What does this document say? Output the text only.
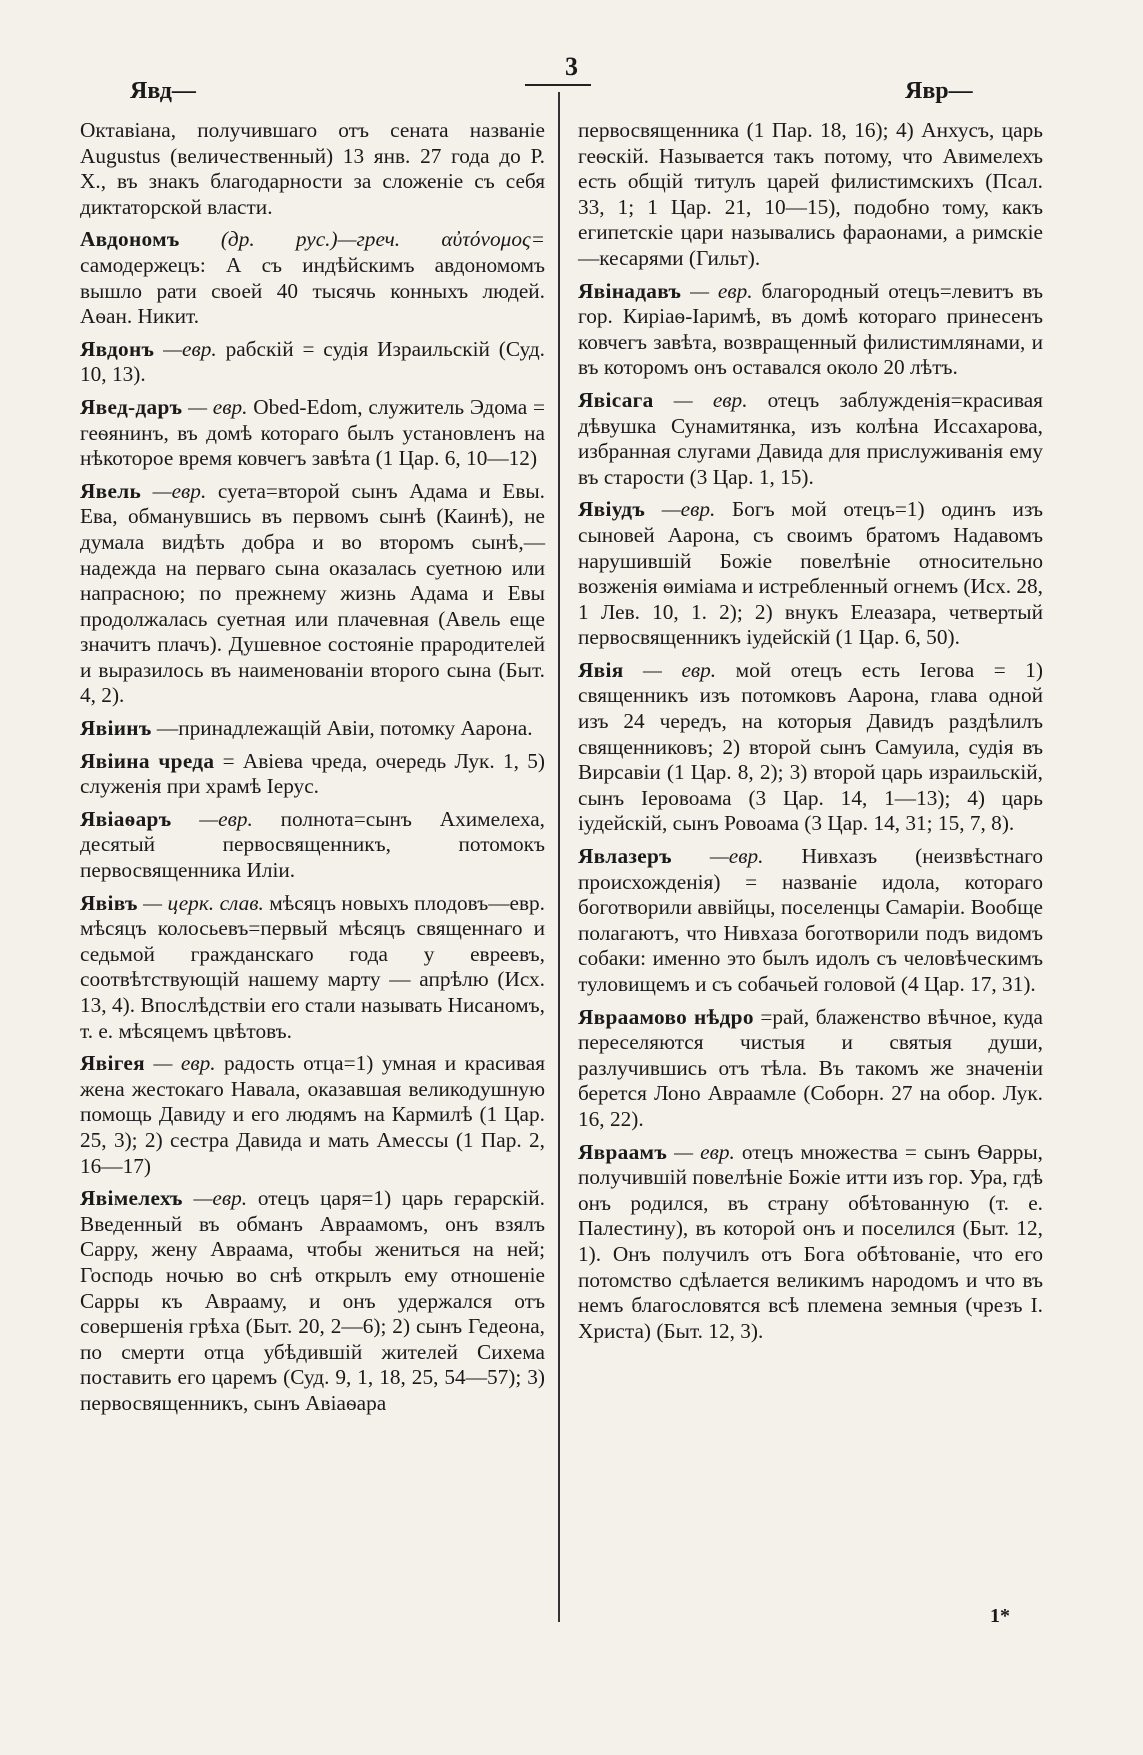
3
Явд—	Явр—

Октавіана, получившаго отъ сената названіе Augustus (величественный) 13 янв. 27 года до Р. Х., въ знакъ благодарности за сложеніе съ себя диктаторской власти.

Авдономъ (др. рус.)—греч. αὐτόνομος= самодержецъ: А съ индѣйскимъ авдономомъ вышло рати своей 40 тысячь конныхъ людей. Аѳан. Никит.

Явдонъ —евр. рабскій = судія Израильскій (Суд. 10, 13).

Явед-даръ — евр. Obed-Edom, служитель Эдома = геѳянинъ, въ домѣ котораго былъ установленъ на нѣкоторое время ковчегъ завѣта (1 Цар. 6, 10—12)

Явель —евр. суета=второй сынъ Адама и Евы. Ева, обманувшись въ первомъ сынѣ (Каинѣ), не думала видѣть добра и во второмъ сынѣ,—надежда на перваго сына оказалась суетною или напрасною; по прежнему жизнь Адама и Евы продолжалась суетная или плачевная (Авель еще значитъ плачъ). Душевное состояніе прародителей и выразилось въ наименованіи второго сына (Быт. 4, 2).

Явіинъ —принадлежащій Авіи, потомку Аарона.

Явіина чреда = Авіева чреда, очередь Лук. 1, 5) служенія при храмѣ Іерус.

Явіаѳаръ —евр. полнота=сынъ Ахимелеха, десятый первосвященникъ, потомокъ первосвященника Иліи.

Явівъ — церк. слав. мѣсяцъ новыхъ плодовъ—евр. мѣсяцъ колосьевъ=первый мѣсяцъ священнаго и седьмой гражданскаго года у евреевъ, соотвѣтствующій нашему марту — апрѣлю (Исх. 13, 4). Впослѣдствіи его стали называть Нисаномъ, т. е. мѣсяцемъ цвѣтовъ.

Явігея — евр. радость отца=1) умная и красивая жена жестокаго Навала, оказавшая великодушную помощь Давиду и его людямъ на Кармилѣ (1 Цар. 25, 3); 2) сестра Давида и мать Амессы (1 Пар. 2, 16—17)

Явімелехъ —евр. отецъ царя=1) царь герарскій. Введенный въ обманъ Авраамомъ, онъ взялъ Сарру, жену Авраама, чтобы жениться на ней; Господь ночью во снѣ открылъ ему отношеніе Сарры къ Аврааму, и онъ удержался отъ совершенія грѣха (Быт. 20, 2—6); 2) сынъ Гедеона, по смерти отца убѣдившій жителей Сихема поставить его царемъ (Суд. 9, 1, 18, 25, 54—57); 3) первосвященникъ, сынъ Авіаѳара

первосвященника (1 Пар. 18, 16); 4) Анхусъ, царь геѳскій. Называется такъ потому, что Авимелехъ есть общій титулъ царей филистимскихъ (Псал. 33, 1; 1 Цар. 21, 10—15), подобно тому, какъ египетскіе цари назывались фараонами, а римскіе—кесарями (Гильт).

Явінадавъ — евр. благородный отецъ=левитъ въ гор. Киріаѳ-Іаримѣ, въ домѣ котораго принесенъ ковчегъ завѣта, возвращенный филистимлянами, и въ которомъ онъ оставался около 20 лѣтъ.

Явісага — евр. отецъ заблужденія=красивая дѣвушка Сунамитянка, изъ колѣна Иссахарова, избранная слугами Давида для прислуживанія ему въ старости (3 Цар. 1, 15).

Явіудъ —евр. Богъ мой отецъ=1) одинъ изъ сыновей Аарона, съ своимъ братомъ Надавомъ нарушившій Божіе повелѣніе относительно возженія ѳиміама и истребленный огнемъ (Исх. 28, 1 Лев. 10, 1. 2); 2) внукъ Елеазара, четвертый первосвященникъ іудейскій (1 Цар. 6, 50).

Явія — евр. мой отецъ есть Іегова = 1) священникъ изъ потомковъ Аарона, глава одной изъ 24 чередъ, на которыя Давидъ раздѣлилъ священниковъ; 2) второй сынъ Самуила, судія въ Вирсавіи (1 Цар. 8, 2); 3) второй царь израильскій, сынъ Іеровоама (3 Цар. 14, 1—13); 4) царь іудейскій, сынъ Ровоама (3 Цар. 14, 31; 15, 7, 8).

Явлазеръ —евр. Нивхазъ (неизвѣстнаго происхожденія) = названіе идола, котораго боготворили аввійцы, поселенцы Самаріи. Вообще полагаютъ, что Нивхаза боготворили подъ видомъ собаки: именно это былъ идолъ съ человѣческимъ туловищемъ и съ собачьей головой (4 Цар. 17, 31).

Явраамово нѣдро =рай, блаженство вѣчное, куда переселяются чистыя и святыя души, разлучившись отъ тѣла. Въ такомъ же значеніи берется Лоно Авраамле (Соборн. 27 на обор. Лук. 16, 22).

Явраамъ — евр. отецъ множества = сынъ Ѳарры, получившій повелѣніе Божіе итти изъ гор. Ура, гдѣ онъ родился, въ страну обѣтованную (т. е. Палестину), въ которой онъ и поселился (Быт. 12, 1). Онъ получилъ отъ Бога обѣтованіе, что его потомство сдѣлается великимъ народомъ и что въ немъ благословятся всѣ племена земныя (чрезъ І. Христа) (Быт. 12, 3).

1*
